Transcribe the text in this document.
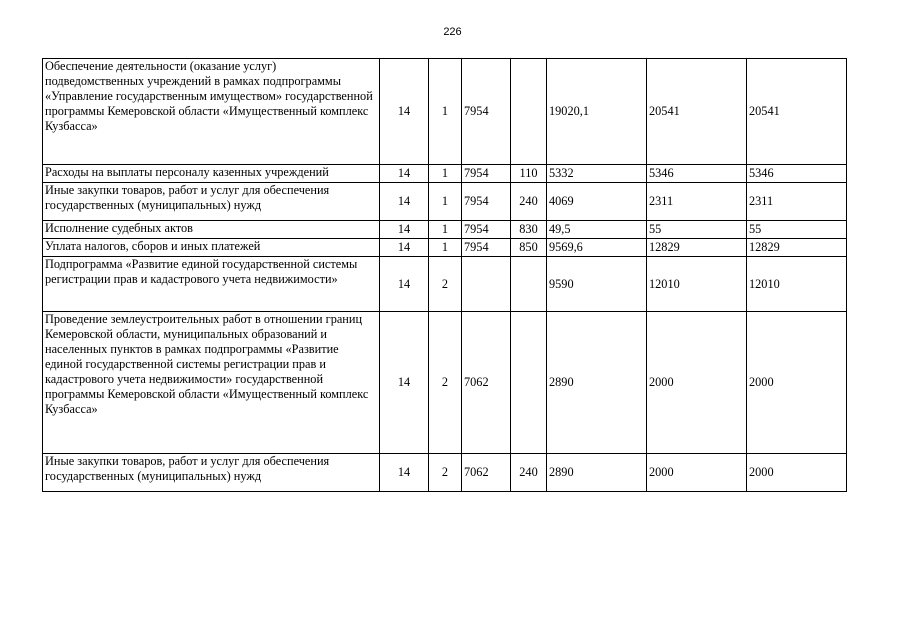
226
Обеспечение деятельности (оказание услуг) подведомственных учреждений в рамках подпрограммы «Управление государственным имуществом» государственной программы Кемеровской области «Имущественный комплекс Кузбасса»	14	1	7954		19020,1	20541	20541
Расходы на выплаты персоналу казенных учреждений	14	1	7954	110	5332	5346	5346
Иные закупки товаров, работ и услуг для обеспечения государственных (муниципальных) нужд	14	1	7954	240	4069	2311	2311
Исполнение судебных актов	14	1	7954	830	49,5	55	55
Уплата налогов, сборов и иных платежей	14	1	7954	850	9569,6	12829	12829
Подпрограмма «Развитие единой государственной системы регистрации прав и кадастрового учета недвижимости»	14	2			9590	12010	12010
Проведение землеустроительных работ в отношении границ Кемеровской области, муниципальных образований и населенных пунктов в рамках подпрограммы «Развитие единой государственной системы регистрации прав и кадастрового учета недвижимости» государственной программы Кемеровской области «Имущественный комплекс Кузбасса»	14	2	7062		2890	2000	2000
Иные закупки товаров, работ и услуг для обеспечения государственных (муниципальных) нужд	14	2	7062	240	2890	2000	2000
